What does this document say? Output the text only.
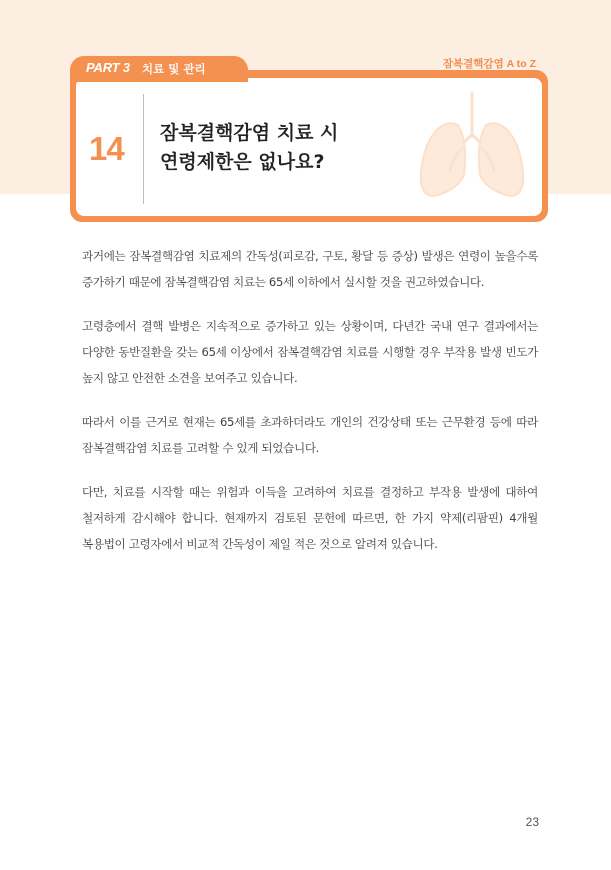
잠복결핵감염 A to Z
14 잠복결핵감염 치료 시
연령제한은 없나요?
PART 3 치료 및 관리

과거에는 잠복결핵감염 치료제의 간독성(피로감, 구토, 황달 등 증상) 발생은 연령이 높을수록 증가하기 때문에 잠복결핵감염 치료는 65세 이하에서 실시할 것을 권고하였습니다.

고령층에서 결핵 발병은 지속적으로 증가하고 있는 상황이며, 다년간 국내 연구 결과에서는 다양한 동반질환을 갖는 65세 이상에서 잠복결핵감염 치료를 시행할 경우 부작용 발생 빈도가 높지 않고 안전한 소견을 보여주고 있습니다.

따라서 이를 근거로 현재는 65세를 초과하더라도 개인의 건강상태 또는 근무환경 등에 따라 잠복결핵감염 치료를 고려할 수 있게 되었습니다.

다만, 치료를 시작할 때는 위험과 이득을 고려하여 치료를 결정하고 부작용 발생에 대하여 철저하게 감시해야 합니다. 현재까지 검토된 문헌에 따르면, 한 가지 약제(리팜핀) 4개월 복용법이 고령자에서 비교적 간독성이 제일 적은 것으로 알려져 있습니다.

23
